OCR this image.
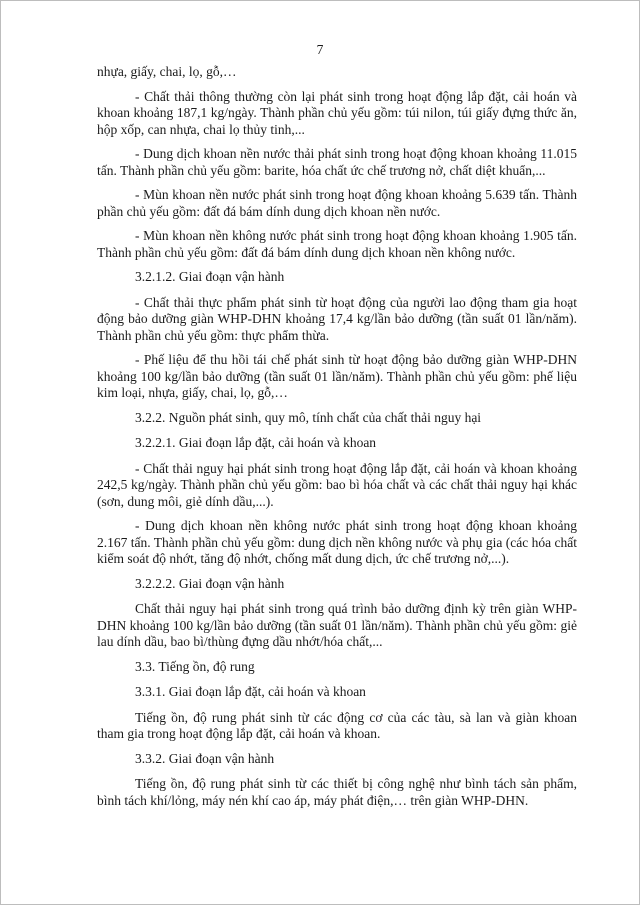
7

nhựa, giấy, chai, lọ, gỗ,…

- Chất thải thông thường còn lại phát sinh trong hoạt động lắp đặt, cải hoán và khoan khoảng 187,1 kg/ngày. Thành phần chủ yếu gồm: túi nilon, túi giấy đựng thức ăn, hộp xốp, can nhựa, chai lọ thủy tinh,...

- Dung dịch khoan nền nước thải phát sinh trong hoạt động khoan khoảng 11.015 tấn. Thành phần chủ yếu gồm: barite, hóa chất ức chế trương nở, chất diệt khuẩn,...

- Mùn khoan nền nước phát sinh trong hoạt động khoan khoảng 5.639 tấn. Thành phần chủ yếu gồm: đất đá bám dính dung dịch khoan nền nước.

- Mùn khoan nền không nước phát sinh trong hoạt động khoan khoảng 1.905 tấn. Thành phần chủ yếu gồm: đất đá bám dính dung dịch khoan nền không nước.

3.2.1.2. Giai đoạn vận hành

- Chất thải thực phẩm phát sinh từ hoạt động của người lao động tham gia hoạt động bảo dưỡng giàn WHP-DHN khoảng 17,4 kg/lần bảo dưỡng (tần suất 01 lần/năm). Thành phần chủ yếu gồm: thực phẩm thừa.

- Phế liệu để thu hồi tái chế phát sinh từ hoạt động bảo dưỡng giàn WHP-DHN khoảng 100 kg/lần bảo dưỡng (tần suất 01 lần/năm). Thành phần chủ yếu gồm: phế liệu kim loại, nhựa, giấy, chai, lọ, gỗ,…

3.2.2. Nguồn phát sinh, quy mô, tính chất của chất thải nguy hại

3.2.2.1. Giai đoạn lắp đặt, cải hoán và khoan

- Chất thải nguy hại phát sinh trong hoạt động lắp đặt, cải hoán và khoan khoảng 242,5 kg/ngày. Thành phần chủ yếu gồm: bao bì hóa chất và các chất thải nguy hại khác (sơn, dung môi, giẻ dính dầu,...).

- Dung dịch khoan nền không nước phát sinh trong hoạt động khoan khoảng 2.167 tấn. Thành phần chủ yếu gồm: dung dịch nền không nước và phụ gia (các hóa chất kiểm soát độ nhớt, tăng độ nhớt, chống mất dung dịch, ức chế trương nở,...).

3.2.2.2. Giai đoạn vận hành

Chất thải nguy hại phát sinh trong quá trình bảo dưỡng định kỳ trên giàn WHP-DHN khoảng 100 kg/lần bảo dưỡng (tần suất 01 lần/năm). Thành phần chủ yếu gồm: giẻ lau dính dầu, bao bì/thùng đựng dầu nhớt/hóa chất,...

3.3. Tiếng ồn, độ rung

3.3.1. Giai đoạn lắp đặt, cải hoán và khoan

Tiếng ồn, độ rung phát sinh từ các động cơ của các tàu, sà lan và giàn khoan tham gia trong hoạt động lắp đặt, cải hoán và khoan.

3.3.2. Giai đoạn vận hành

Tiếng ồn, độ rung phát sinh từ các thiết bị công nghệ như bình tách sản phẩm, bình tách khí/lỏng, máy nén khí cao áp, máy phát điện,… trên giàn WHP-DHN.
